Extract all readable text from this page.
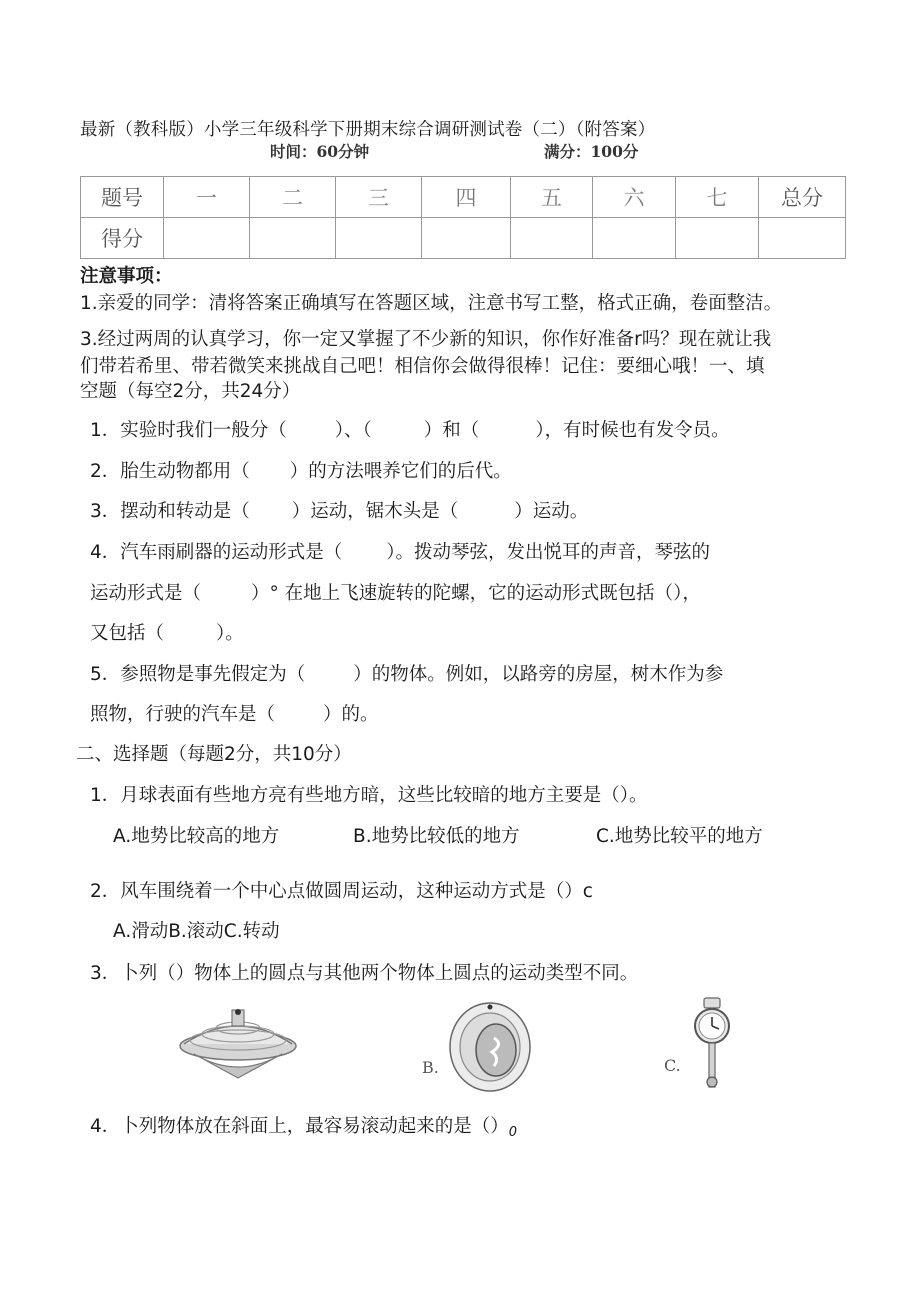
最新（教科版）小学三年级科学下册期末综合调研测试卷（二）（附答案）
时间：60分钟	满分：100分
题号	一	二	三	四	五	六	七	总分
得分								
注意事项：
1.亲爱的同学：清将答案正确填写在答题区域，注意书写工整，格式正确，卷面整洁。
3.经过两周的认真学习，你一定又掌握了不少新的知识，你作好准备r吗？现在就让我
们带若希里、带若微笑来挑战自己吧！相信你会做得很棒！记住：要细心哦！一、填
空题（每空2分，共24分）
1．实验时我们一般分（	）、（	）和（	），有时候也有发令员。
2．胎生动物都用（ ）的方法喂养它们的后代。
3．摆动和转动是（ ）运动，锯木头是（	）运动。
4．汽车雨刷器的运动形式是（ ）。拨动琴弦，发出悦耳的声音，琴弦的
运动形式是（	）° 在地上飞速旋转的陀螺，它的运动形式既包括（），
又包括（	）。
5．参照物是事先假定为（	）的物体。例如，以路旁的房屋，树木作为参
照物，行驶的汽车是（	）的。
二、选择题（每题2分，共10分）
1．月球表面有些地方亮有些地方暗，这些比较暗的地方主要是（）。
A.地势比较高的地方	B.地势比较低的地方	C.地势比较平的地方
2．风车围绕着一个中心点做圆周运动，这种运动方式是（）c
A.滑动B.滚动C.转动
3．卜列（）物体上的圆点与其他两个物体上圆点的运动类型不同。
B.	C.
4．卜列物体放在斜面上，最容易滚动起来的是$()_0$
